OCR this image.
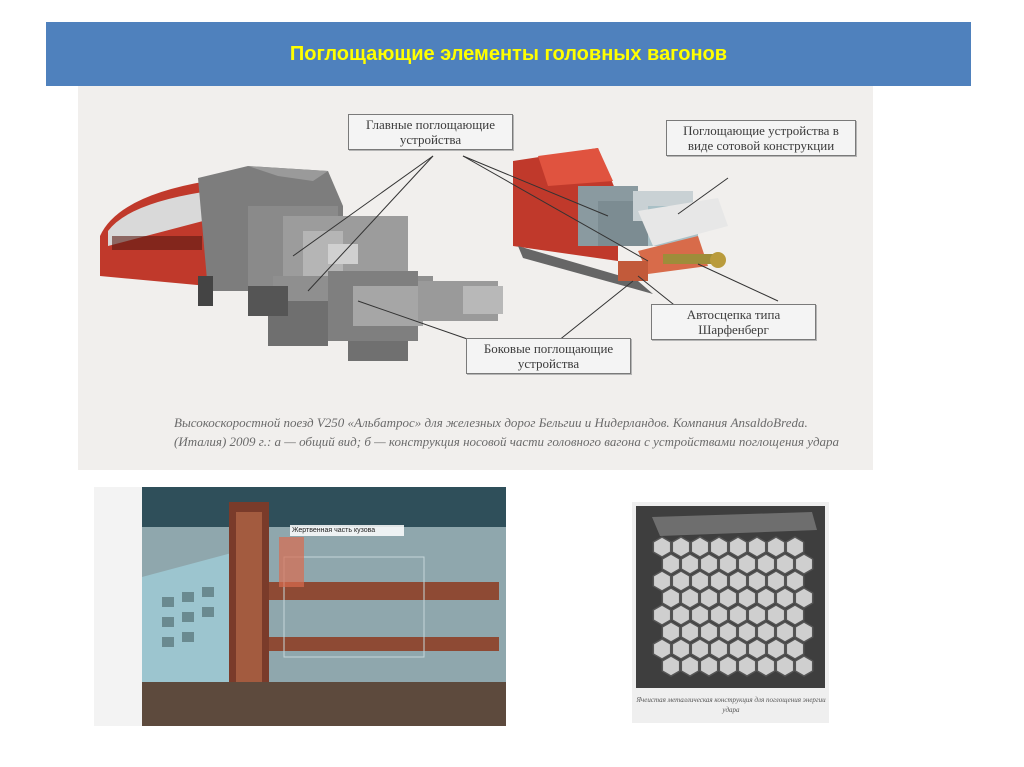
Поглощающие элементы головных вагонов
Главные поглощающие устройства
Поглощающие устройства в виде сотовой конструкции
Автосцепка типа Шарфенберг
Боковые поглощающие устройства
Высокоскоростной поезд V250 «Альбатрос» для железных дорог Бельгии и Нидерландов. Компания AnsaldoBreda. (Италия) 2009 г.: а — общий вид; б — конструкция носовой части головного вагона с устройствами поглощения удара
Жертвенная часть кузова
Ячеистая металлическая конструкция для поглощения энергии удара
